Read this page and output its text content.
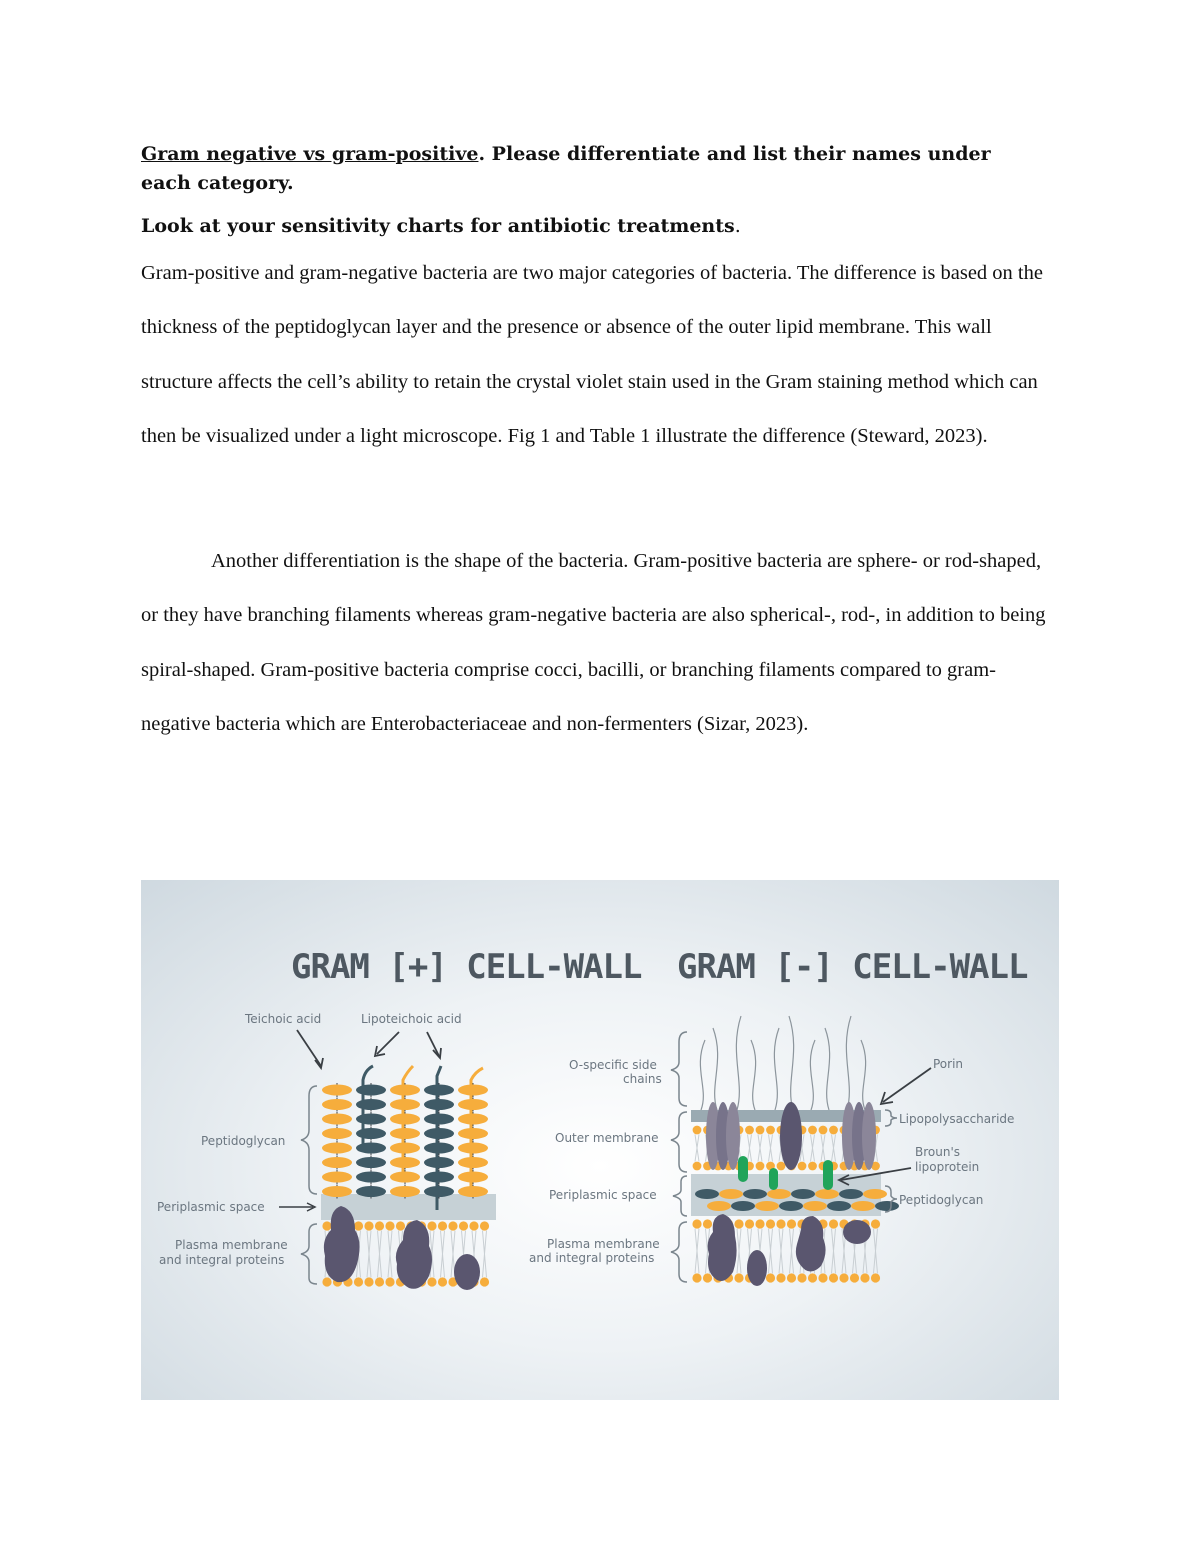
Gram negative vs gram-positive. Please differentiate and list their names under each category.

Look at your sensitivity charts for antibiotic treatments.

Gram-positive and gram-negative bacteria are two major categories of bacteria. The difference is based on the thickness of the peptidoglycan layer and the presence or absence of the outer lipid membrane. This wall structure affects the cell’s ability to retain the crystal violet stain used in the Gram staining method which can then be visualized under a light microscope. Fig 1 and Table 1 illustrate the difference (Steward, 2023).

Another differentiation is the shape of the bacteria. Gram-positive bacteria are sphere- or rod-shaped, or they have branching filaments whereas gram-negative bacteria are also spherical-, rod-, in addition to being spiral-shaped. Gram-positive bacteria comprise cocci, bacilli, or branching filaments compared to gram-negative bacteria which are Enterobacteriaceae and non-fermenters (Sizar, 2023).

GRAM [+] CELL-WALL GRAM [-] CELL-WALL
Teichoic acid	Lipoteichoic acid
Peptidoglycan
Periplasmic space
Plasma membrane
and integral proteins
O-specific side
chains
Outer membrane
Periplasmic space
Plasma membrane
and integral proteins
Porin
Lipopolysaccharide
Broun's
lipoprotein
Peptidoglycan
